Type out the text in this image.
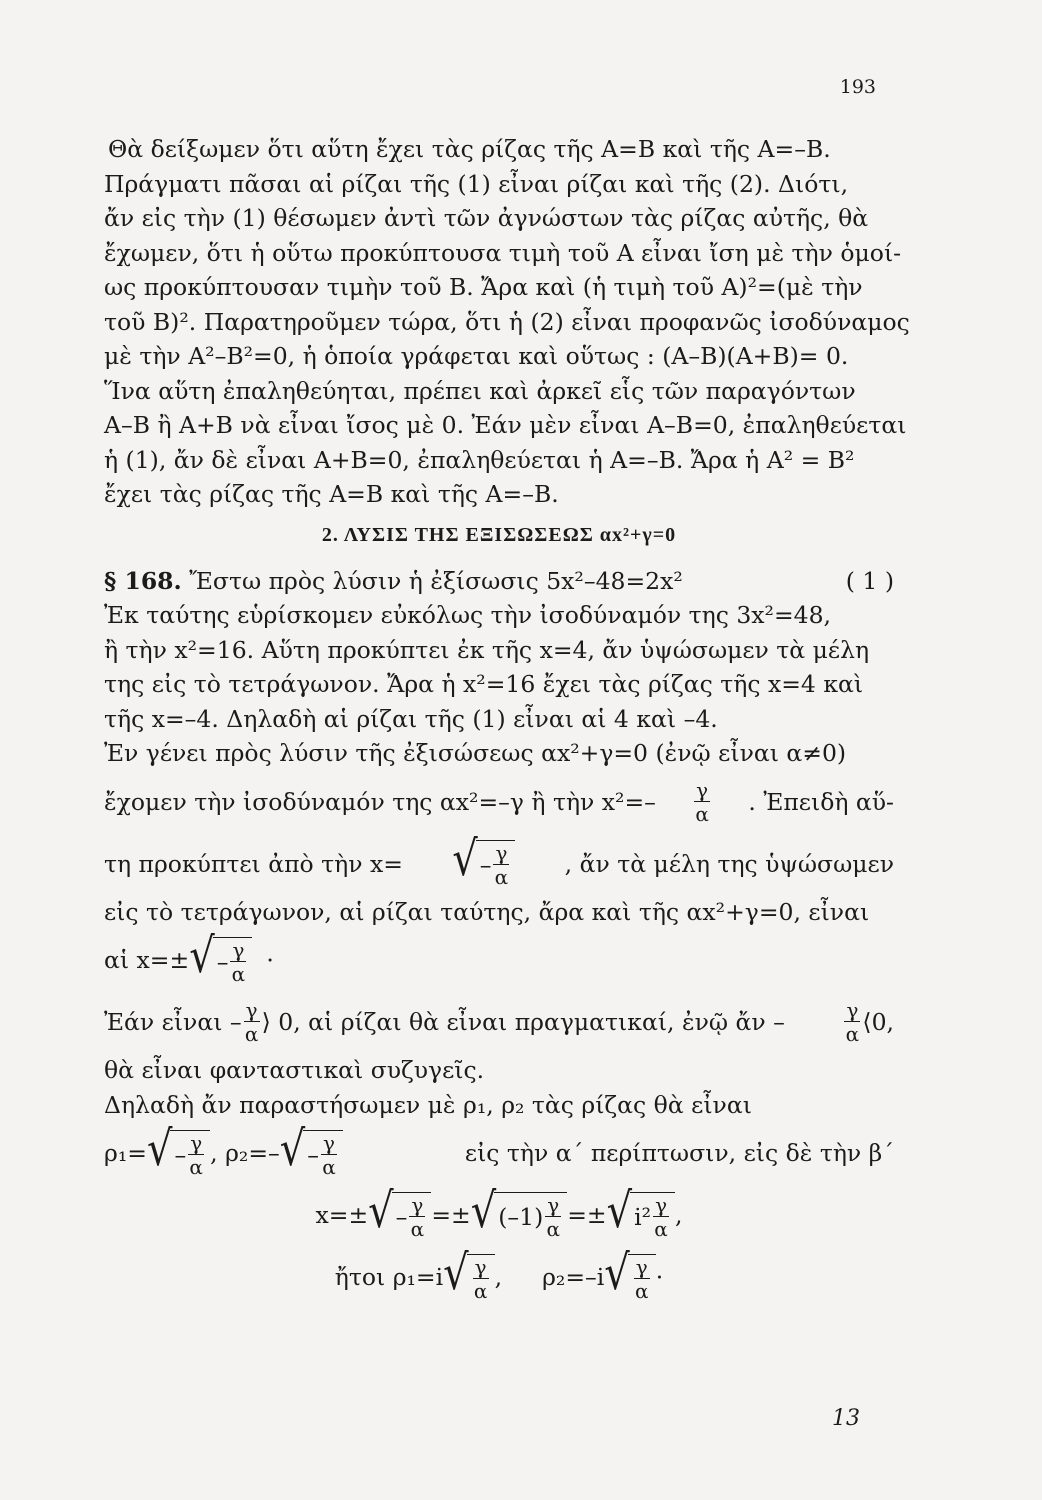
193
Θὰ δείξωμεν ὅτι αὕτη ἔχει τὰς ρίζας τῆς Α=Β καὶ τῆς Α=–Β.
Πράγματι πᾶσαι αἱ ρίζαι τῆς (1) εἶναι ρίζαι καὶ τῆς (2). Διότι,
ἄν εἰς τὴν (1) θέσωμεν ἀντὶ τῶν ἀγνώστων τὰς ρίζας αὐτῆς, θὰ
ἔχωμεν, ὅτι ἡ οὕτω προκύπτουσα τιμὴ τοῦ Α εἶναι ἴση μὲ τὴν ὁμοί-
ως προκύπτουσαν τιμὴν τοῦ Β. Ἄρα καὶ (ἡ τιμὴ τοῦ Α)²=(μὲ τὴν
τοῦ Β)². Παρατηροῦμεν τώρα, ὅτι ἡ (2) εἶναι προφανῶς ἰσοδύναμος
μὲ τὴν Α²–Β²=0, ἡ ὁποία γράφεται καὶ οὕτως : (Α–Β)(Α+Β)= 0.
Ἵνα αὕτη ἐπαληθεύηται, πρέπει καὶ ἀρκεῖ εἷς τῶν παραγόντων
Α–Β ἢ Α+Β νὰ εἶναι ἴσος μὲ 0. Ἐάν μὲν εἶναι Α–Β=0, ἐπαληθεύεται
ἡ (1), ἄν δὲ εἶναι Α+Β=0, ἐπαληθεύεται ἡ Α=–Β. Ἄρα ἡ Α² = Β²
ἔχει τὰς ρίζας τῆς Α=Β καὶ τῆς Α=–Β.
2. ΛΥΣΙΣ ΤΗΣ ΕΞΙΣΩΣΕΩΣ αx²+γ=0
§ 168. Ἔστω πρὸς λύσιν ἡ ἐξίσωσις 5x²–48=2x²	( 1 )
Ἐκ ταύτης εὑρίσκομεν εὐκόλως τὴν ἰσοδύναμόν της 3x²=48,
ἢ τὴν x²=16. Αὕτη προκύπτει ἐκ τῆς x=4, ἄν ὑψώσωμεν τὰ μέλη
της εἰς τὸ τετράγωνον. Ἄρα ἡ x²=16 ἔχει τὰς ρίζας τῆς x=4 καὶ
τῆς x=–4. Δηλαδὴ αἱ ρίζαι τῆς (1) εἶναι αἱ 4 καὶ –4.
Ἐν γένει πρὸς λύσιν τῆς ἐξισώσεως αx²+γ=0 (ἐνῷ εἶναι α≠0)
ἔχομεν τὴν ἰσοδύναμόν της αx²=–γ ἢ τὴν $x^2=- \frac{\gamma}{\alpha}$ . Ἐπειδὴ αὕ-
τη προκύπτει ἀπὸ τὴν x= √ – $\frac{\gamma}{\alpha}$ , ἄν τὰ μέλη της ὑψώσωμεν
εἰς τὸ τετράγωνον, αἱ ρίζαι ταύτης, ἄρα καὶ τῆς αx²+γ=0, εἶναι
αἱ x=± √ – $\frac{\gamma}{\alpha}$ ·
Ἐάν εἶναι – $\frac{\gamma}{\alpha}$ ⟩ 0, αἱ ρίζαι θὰ εἶναι πραγματικαί, ἐνῷ ἄν –	$\frac{\gamma}{\alpha}$ ⟨0,
θὰ εἶναι φανταστικαὶ συζυγεῖς.
Δηλαδὴ ἄν παραστήσωμεν μὲ ρ₁, ρ₂ τὰς ρίζας θὰ εἶναι
ρ₁= √ – $\frac{\gamma}{\alpha}$ , ρ₂=– √ – $\frac{\gamma}{\alpha}$	εἰς τὴν α΄ περίπτωσιν, εἰς δὲ τὴν β΄
x=± √ – $\frac{\gamma}{\alpha}$ =± √ $(-1) \frac{\gamma}{\alpha}$ =± √ $i^2 \frac{\gamma}{\alpha}$ ,
ἤτοι ρ₁=i √ $\frac{\gamma}{\alpha}$ , ρ₂=–i √ $\frac{\gamma}{\alpha}$ ·
13
